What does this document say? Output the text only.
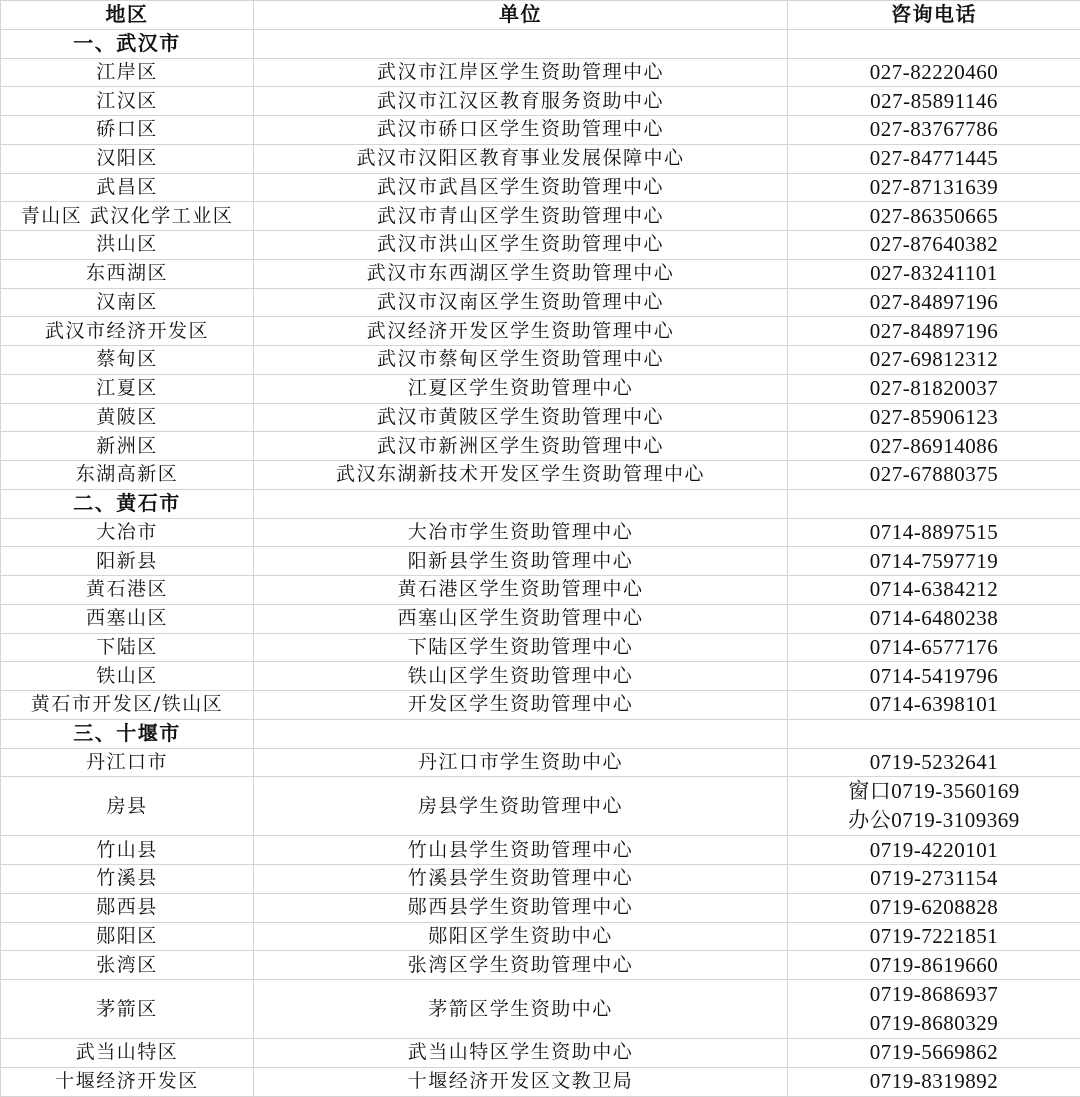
地区	单位	咨询电话
一、武汉市		
江岸区	武汉市江岸区学生资助管理中心	027-82220460
江汉区	武汉市江汉区教育服务资助中心	027-85891146
硚口区	武汉市硚口区学生资助管理中心	027-83767786
汉阳区	武汉市汉阳区教育事业发展保障中心	027-84771445
武昌区	武汉市武昌区学生资助管理中心	027-87131639
青山区 武汉化学工业区	武汉市青山区学生资助管理中心	027-86350665
洪山区	武汉市洪山区学生资助管理中心	027-87640382
东西湖区	武汉市东西湖区学生资助管理中心	027-83241101
汉南区	武汉市汉南区学生资助管理中心	027-84897196
武汉市经济开发区	武汉经济开发区学生资助管理中心	027-84897196
蔡甸区	武汉市蔡甸区学生资助管理中心	027-69812312
江夏区	江夏区学生资助管理中心	027-81820037
黄陂区	武汉市黄陂区学生资助管理中心	027-85906123
新洲区	武汉市新洲区学生资助管理中心	027-86914086
东湖高新区	武汉东湖新技术开发区学生资助管理中心	027-67880375
二、黄石市		
大冶市	大冶市学生资助管理中心	0714-8897515
阳新县	阳新县学生资助管理中心	0714-7597719
黄石港区	黄石港区学生资助管理中心	0714-6384212
西塞山区	西塞山区学生资助管理中心	0714-6480238
下陆区	下陆区学生资助管理中心	0714-6577176
铁山区	铁山区学生资助管理中心	0714-5419796
黄石市开发区/铁山区	开发区学生资助管理中心	0714-6398101
三、十堰市		
丹江口市	丹江口市学生资助中心	0719-5232641
房县	房县学生资助管理中心	窗口0719-3560169
办公0719-3109369

竹山县	竹山县学生资助管理中心	0719-4220101
竹溪县	竹溪县学生资助管理中心	0719-2731154
郧西县	郧西县学生资助管理中心	0719-6208828
郧阳区	郧阳区学生资助中心	0719-7221851
张湾区	张湾区学生资助管理中心	0719-8619660
茅箭区	茅箭区学生资助中心	0719-8686937
0719-8680329

武当山特区	武当山特区学生资助中心	0719-5669862
十堰经济开发区	十堰经济开发区文教卫局	0719-8319892
